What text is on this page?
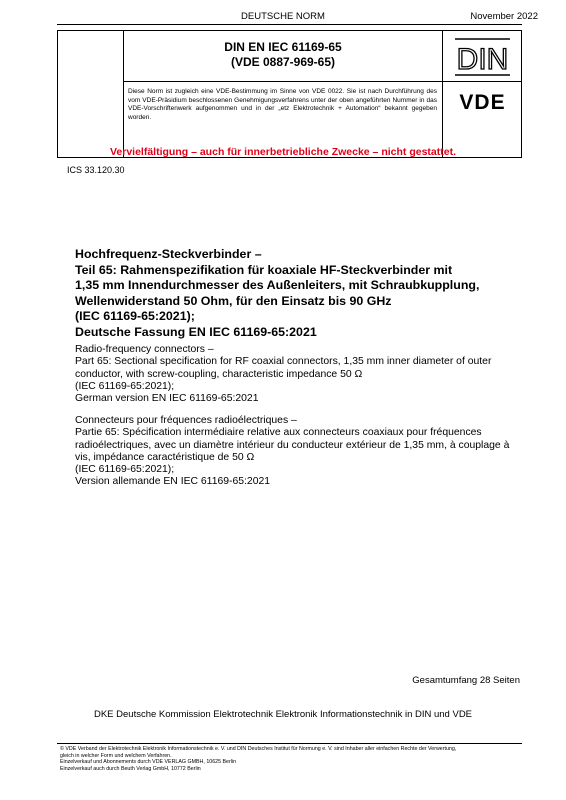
DEUTSCHE NORM	November 2022
DIN EN IEC 61169-65
(VDE 0887-969-65)	DIN
Diese Norm ist zugleich eine VDE-Bestimmung im Sinne von VDE 0022. Sie ist nach Durchführung des vom VDE-Präsidium beschlossenen Genehmigungsverfahrens unter der oben angeführten Nummer in das VDE-Vorschriftenwerk aufgenommen und in der „etz Elektrotechnik + Automation“ bekannt gegeben worden.
VDE
Vervielfältigung – auch für innerbetriebliche Zwecke – nicht gestattet.
ICS 33.120.30
Hochfrequenz-Steckverbinder –
Teil 65: Rahmenspezifikation für koaxiale HF-Steckverbinder mit
1,35 mm Innendurchmesser des Außenleiters, mit Schraubkupplung,
Wellenwiderstand 50 Ohm, für den Einsatz bis 90 GHz
(IEC 61169-65:2021);
Deutsche Fassung EN IEC 61169-65:2021
Radio-frequency connectors –
Part 65: Sectional specification for RF coaxial connectors, 1,35 mm inner diameter of outer
conductor, with screw-coupling, characteristic impedance 50 Ω
(IEC 61169-65:2021);
German version EN IEC 61169-65:2021
Connecteurs pour fréquences radioélectriques –
Partie 65: Spécification intermédiaire relative aux connecteurs coaxiaux pour fréquences
radioélectriques, avec un diamètre intérieur du conducteur extérieur de 1,35 mm, à couplage à
vis, impédance caractéristique de 50 Ω
(IEC 61169-65:2021);
Version allemande EN IEC 61169-65:2021
Gesamtumfang 28 Seiten
DKE Deutsche Kommission Elektrotechnik Elektronik Informationstechnik in DIN und VDE
© VDE Verband der Elektrotechnik Elektronik Informationstechnik e. V. und DIN Deutsches Institut für Normung e. V. sind Inhaber aller einfachen Rechte der Verwertung,
gleich in welcher Form und welchem Verfahren.
Einzelverkauf und Abonnements durch VDE VERLAG GMBH, 10625 Berlin
Einzelverkauf auch durch Beuth Verlag GmbH, 10772 Berlin
